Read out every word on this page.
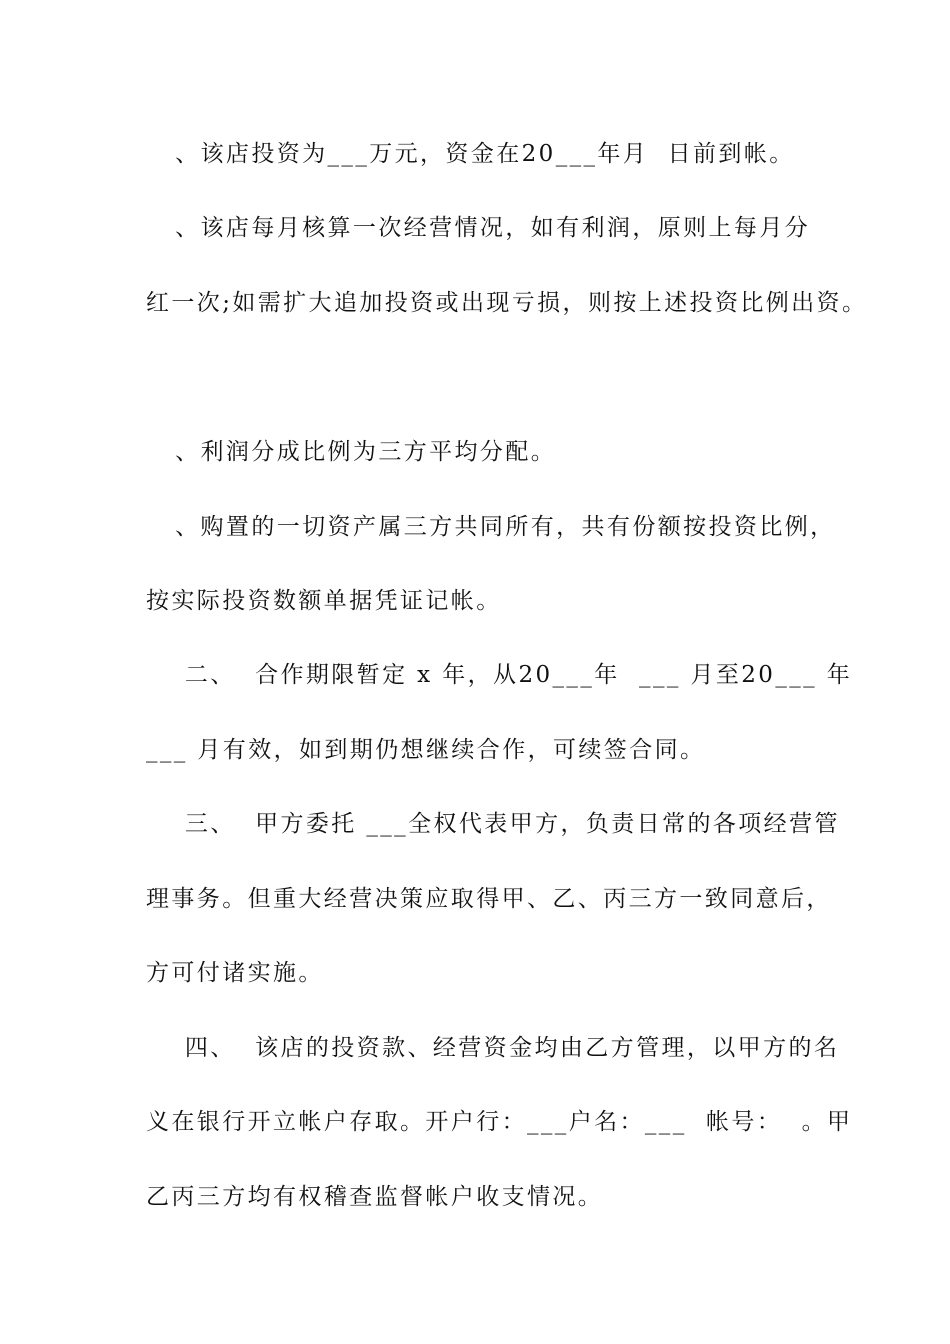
、该店投资为___万元，资金在20___年月  日前到帐。
、该店每月核算一次经营情况，如有利润，原则上每月分
红一次;如需扩大追加投资或出现亏损，则按上述投资比例出资。
、利润分成比例为三方平均分配。
、购置的一切资产属三方共同所有，共有份额按投资比例，
按实际投资数额单据凭证记帐。
二、  合作期限暂定 x 年，从20___年  ___ 月至20___ 年
___ 月有效，如到期仍想继续合作，可续签合同。
三、  甲方委托 ___全权代表甲方，负责日常的各项经营管
理事务。但重大经营决策应取得甲、乙、丙三方一致同意后，
方可付诸实施。
四、  该店的投资款、经营资金均由乙方管理，以甲方的名
义在银行开立帐户存取。开户行：___户名：___  帐号：  。甲
乙丙三方均有权稽查监督帐户收支情况。
